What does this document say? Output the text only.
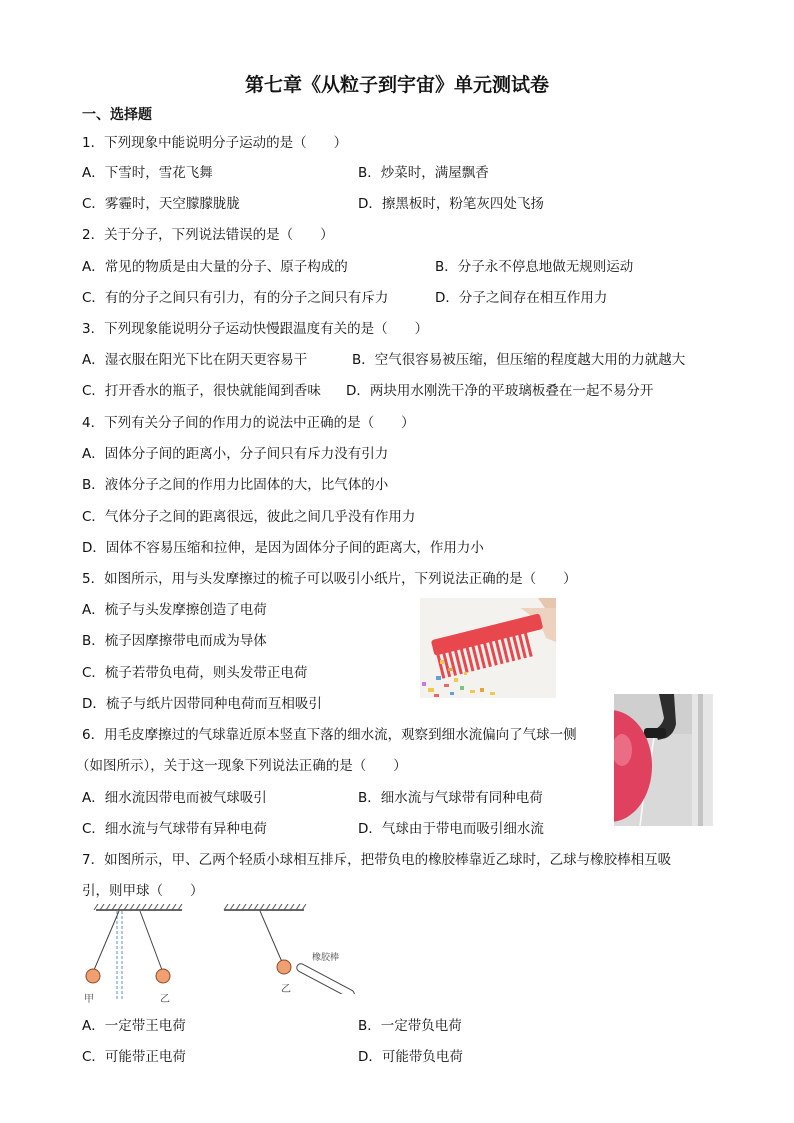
第七章《从粒子到宇宙》单元测试卷
一、选择题
1．下列现象中能说明分子运动的是（　　）
A．下雪时，雪花飞舞	B．炒菜时，满屋飘香
C．雾霾时，天空朦朦胧胧	D．擦黑板时，粉笔灰四处飞扬
2．关于分子，下列说法错误的是（　　）
A．常见的物质是由大量的分子、原子构成的	B．分子永不停息地做无规则运动
C．有的分子之间只有引力，有的分子之间只有斥力	D．分子之间存在相互作用力
3．下列现象能说明分子运动快慢跟温度有关的是（　　）
A．湿衣服在阳光下比在阴天更容易干	B．空气很容易被压缩，但压缩的程度越大用的力就越大
C．打开香水的瓶子，很快就能闻到香味 D．两块用水刚洗干净的平玻璃板叠在一起不易分开
4．下列有关分子间的作用力的说法中正确的是（　　）
A．固体分子间的距离小，分子间只有斥力没有引力
B．液体分子之间的作用力比固体的大，比气体的小
C．气体分子之间的距离很远，彼此之间几乎没有作用力
D．固体不容易压缩和拉伸，是因为固体分子间的距离大，作用力小
5．如图所示，用与头发摩擦过的梳子可以吸引小纸片，下列说法正确的是（　　）
A．梳子与头发摩擦创造了电荷
B．梳子因摩擦带电而成为导体
C．梳子若带负电荷，则头发带正电荷
D．梳子与纸片因带同种电荷而互相吸引
6．用毛皮摩擦过的气球靠近原本竖直下落的细水流，观察到细水流偏向了气球一侧
（如图所示），关于这一现象下列说法正确的是（　　）
A．细水流因带电而被气球吸引	B．细水流与气球带有同种电荷
C．细水流与气球带有异种电荷	D．气球由于带电而吸引细水流
7．如图所示，甲、乙两个轻质小球相互排斥，把带负电的橡胶棒靠近乙球时，乙球与橡胶棒相互吸
引，则甲球（　　）
甲	乙
乙
橡胶棒
A．一定带王电荷	B．一定带负电荷
C．可能带正电荷	D．可能带负电荷
